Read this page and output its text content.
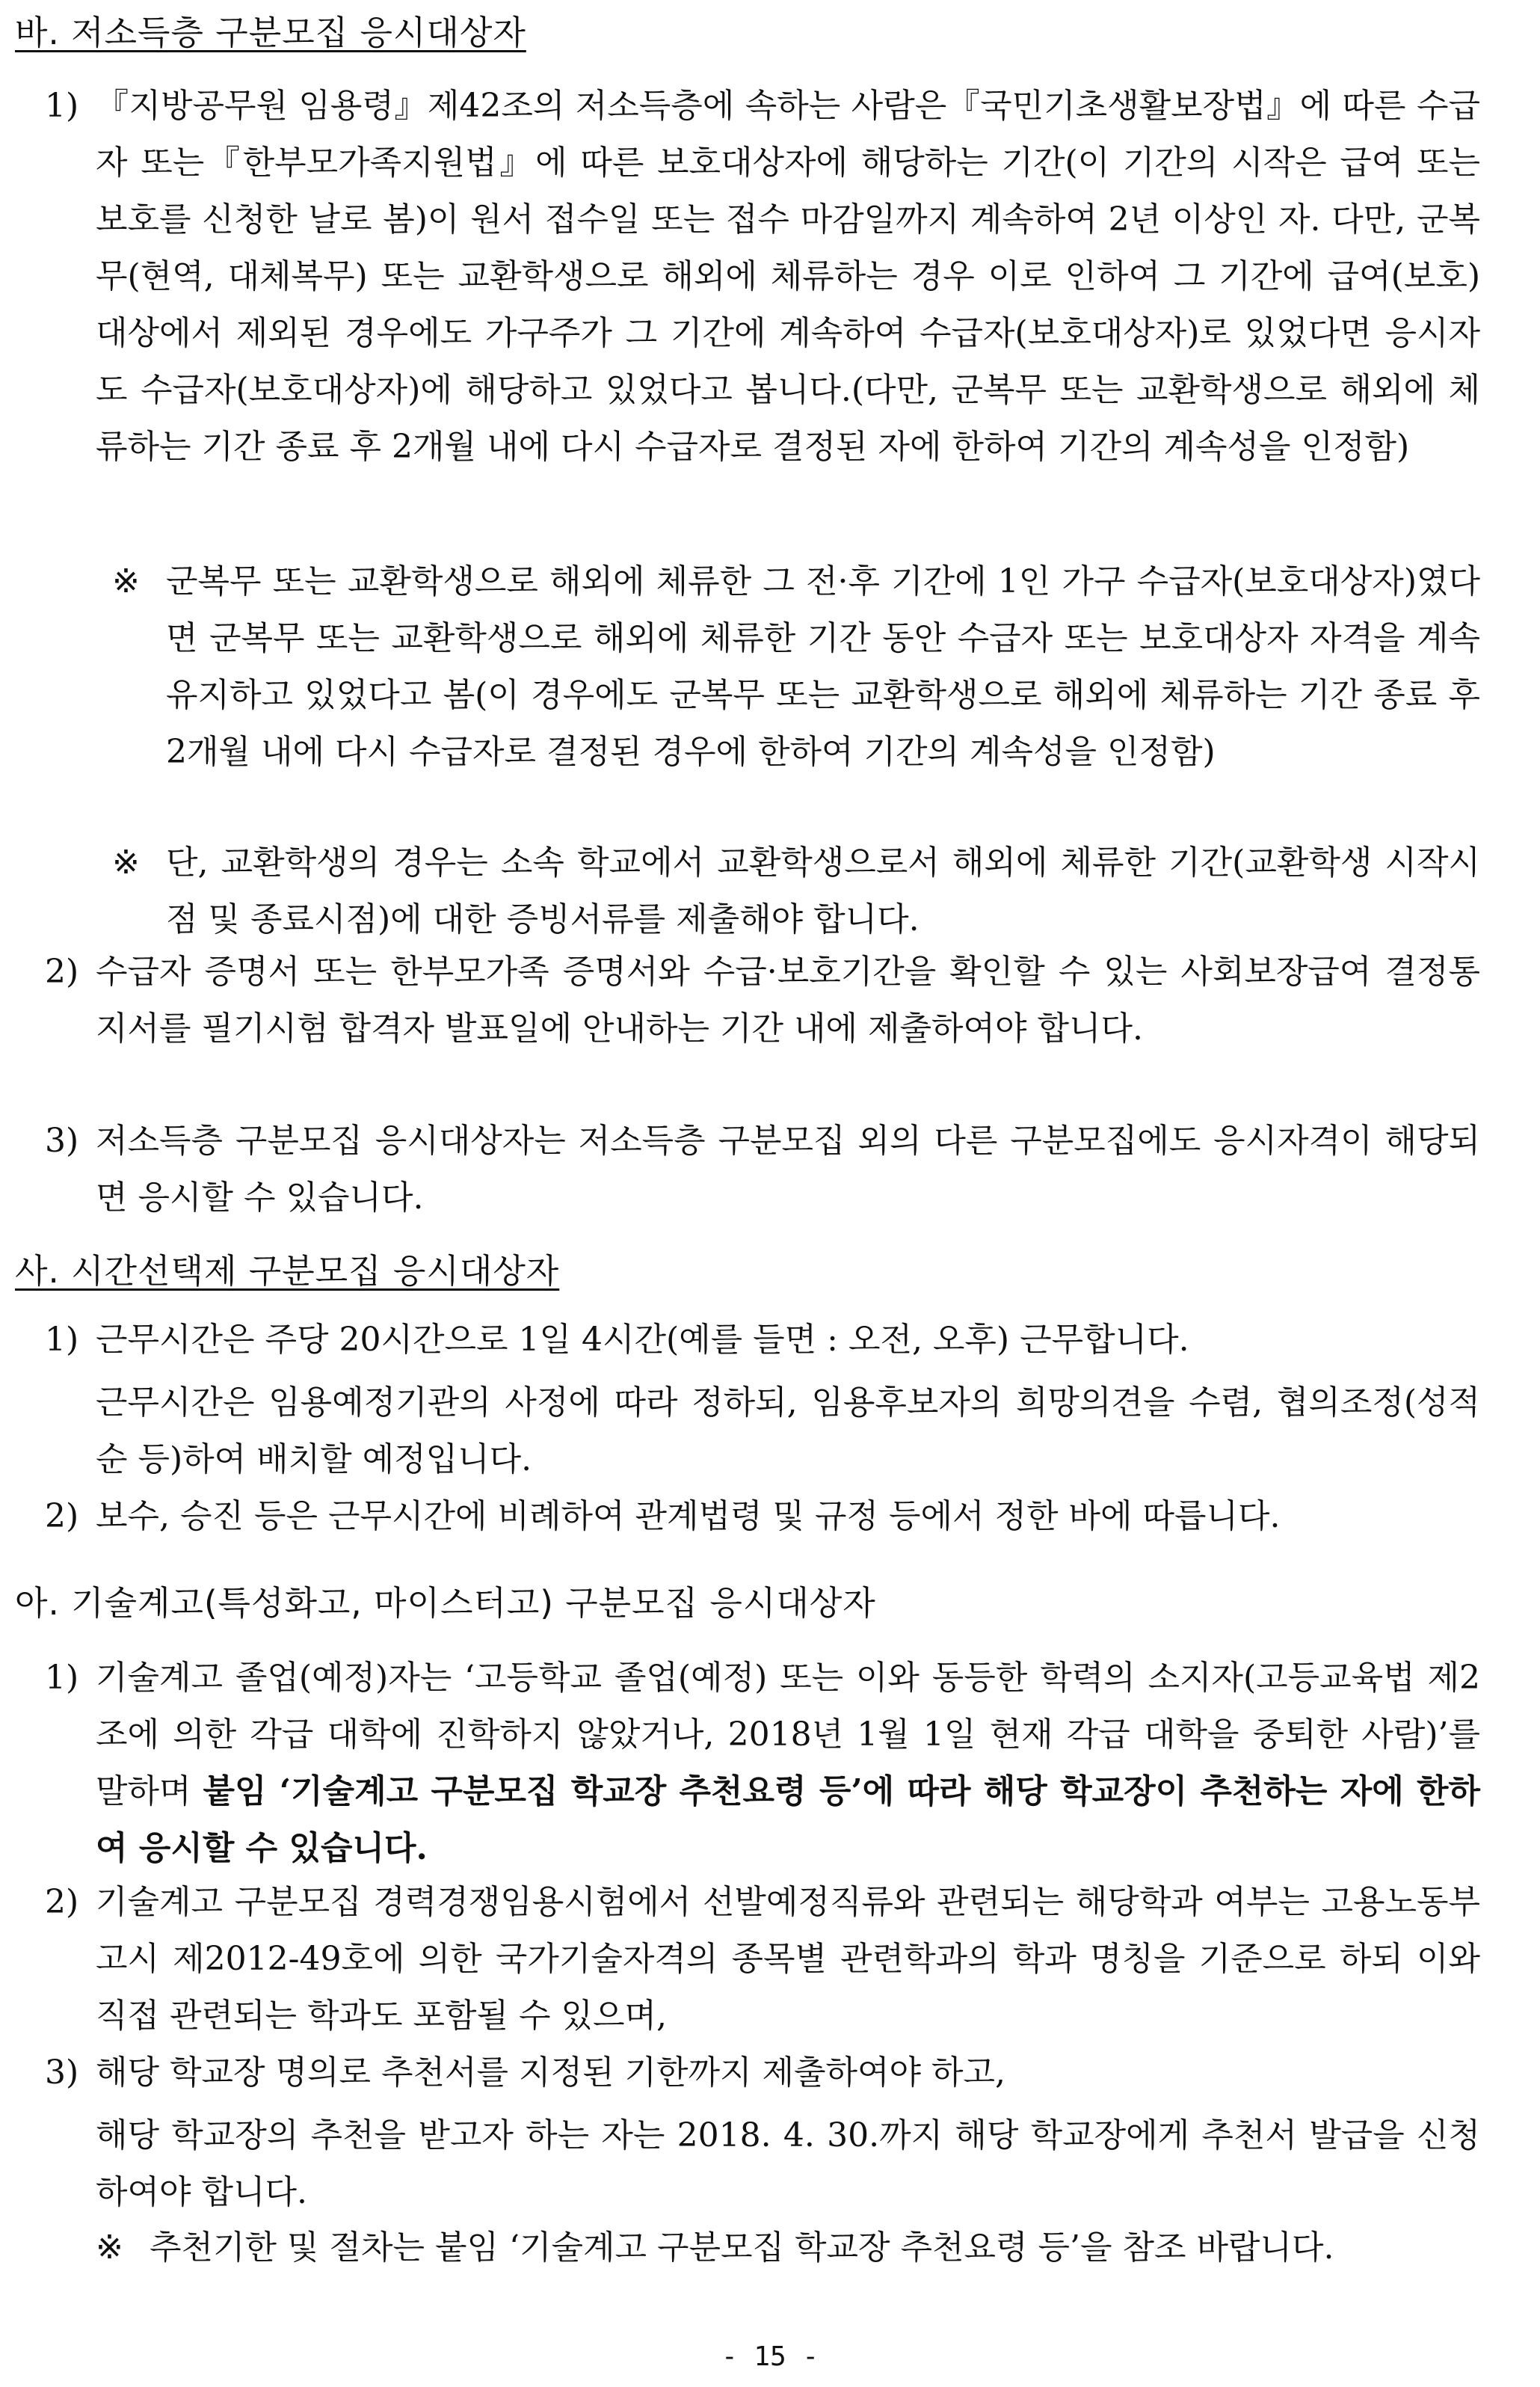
바. 저소득층 구분모집 응시대상자
1) 『지방공무원 임용령』제42조의 저소득층에 속하는 사람은『국민기초생활보장법』에 따른 수급자 또는『한부모가족지원법』에 따른 보호대상자에 해당하는 기간(이 기간의 시작은 급여 또는 보호를 신청한 날로 봄)이 원서 접수일 또는 접수 마감일까지 계속하여 2년 이상인 자. 다만, 군복무(현역, 대체복무) 또는 교환학생으로 해외에 체류하는 경우 이로 인하여 그 기간에 급여(보호) 대상에서 제외된 경우에도 가구주가 그 기간에 계속하여 수급자(보호대상자)로 있었다면 응시자도 수급자(보호대상자)에 해당하고 있었다고 봅니다.(다만, 군복무 또는 교환학생으로 해외에 체류하는 기간 종료 후 2개월 내에 다시 수급자로 결정된 자에 한하여 기간의 계속성을 인정함)
※ 군복무 또는 교환학생으로 해외에 체류한 그 전·후 기간에 1인 가구 수급자(보호대상자)였다면 군복무 또는 교환학생으로 해외에 체류한 기간 동안 수급자 또는 보호대상자 자격을 계속 유지하고 있었다고 봄(이 경우에도 군복무 또는 교환학생으로 해외에 체류하는 기간 종료 후 2개월 내에 다시 수급자로 결정된 경우에 한하여 기간의 계속성을 인정함)
※ 단, 교환학생의 경우는 소속 학교에서 교환학생으로서 해외에 체류한 기간(교환학생 시작시점 및 종료시점)에 대한 증빙서류를 제출해야 합니다.
2) 수급자 증명서 또는 한부모가족 증명서와 수급·보호기간을 확인할 수 있는 사회보장급여 결정통지서를 필기시험 합격자 발표일에 안내하는 기간 내에 제출하여야 합니다.
3) 저소득층 구분모집 응시대상자는 저소득층 구분모집 외의 다른 구분모집에도 응시자격이 해당되면 응시할 수 있습니다.
사. 시간선택제 구분모집 응시대상자
1) 근무시간은 주당 20시간으로 1일 4시간(예를 들면 : 오전, 오후) 근무합니다.
근무시간은 임용예정기관의 사정에 따라 정하되, 임용후보자의 희망의견을 수렴, 협의조정(성적순 등)하여 배치할 예정입니다.
2) 보수, 승진 등은 근무시간에 비례하여 관계법령 및 규정 등에서 정한 바에 따릅니다.
아. 기술계고(특성화고, 마이스터고) 구분모집 응시대상자
1) 기술계고 졸업(예정)자는 ‘고등학교 졸업(예정) 또는 이와 동등한 학력의 소지자(고등교육법 제2조에 의한 각급 대학에 진학하지 않았거나, 2018년 1월 1일 현재 각급 대학을 중퇴한 사람)’를 말하며 붙임 ‘기술계고 구분모집 학교장 추천요령 등’에 따라 해당 학교장이 추천하는 자에 한하여 응시할 수 있습니다.
2) 기술계고 구분모집 경력경쟁임용시험에서 선발예정직류와 관련되는 해당학과 여부는 고용노동부 고시 제2012-49호에 의한 국가기술자격의 종목별 관련학과의 학과 명칭을 기준으로 하되 이와 직접 관련되는 학과도 포함될 수 있으며,
3) 해당 학교장 명의로 추천서를 지정된 기한까지 제출하여야 하고,
해당 학교장의 추천을 받고자 하는 자는 2018. 4. 30.까지 해당 학교장에게 추천서 발급을 신청하여야 합니다.
※ 추천기한 및 절차는 붙임 ‘기술계고 구분모집 학교장 추천요령 등’을 참조 바랍니다.
- 15 -
